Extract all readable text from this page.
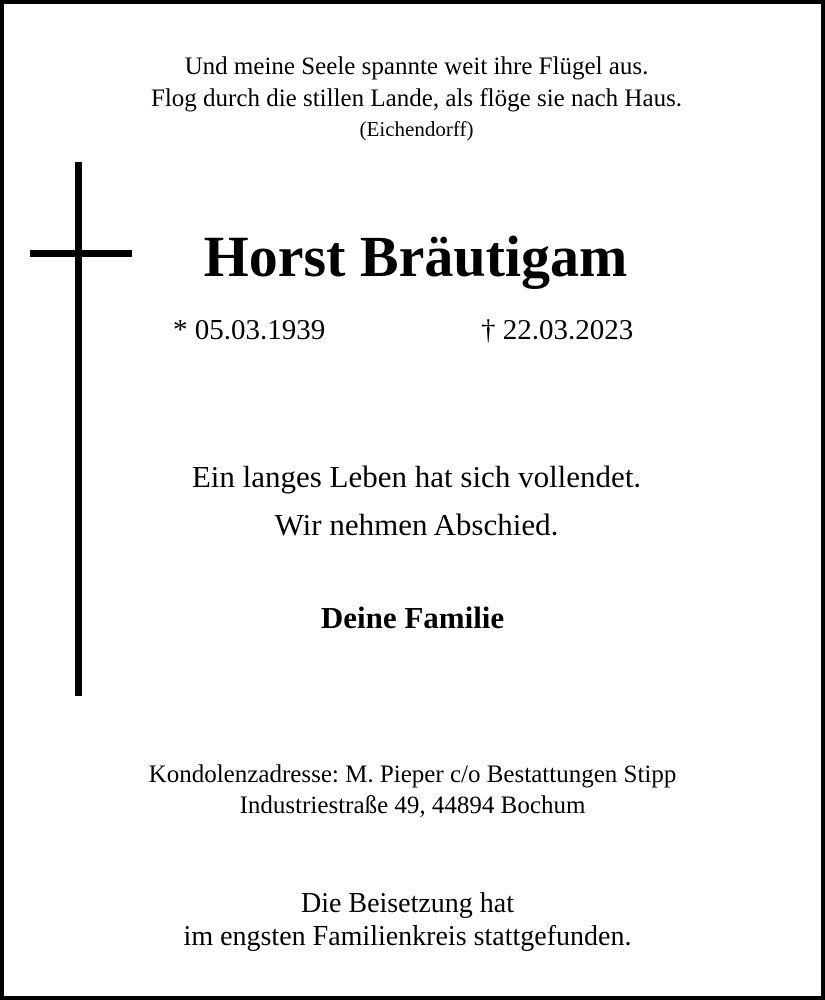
Und meine Seele spannte weit ihre Flügel aus.
Flog durch die stillen Lande, als flöge sie nach Haus.
(Eichendorff)
Horst Bräutigam
* 05.03.1939	† 22.03.2023
Ein langes Leben hat sich vollendet.
Wir nehmen Abschied.
Deine Familie
Kondolenzadresse: M. Pieper c/o Bestattungen Stipp
Industriestraße 49, 44894 Bochum
Die Beisetzung hat
im engsten Familienkreis stattgefunden.
